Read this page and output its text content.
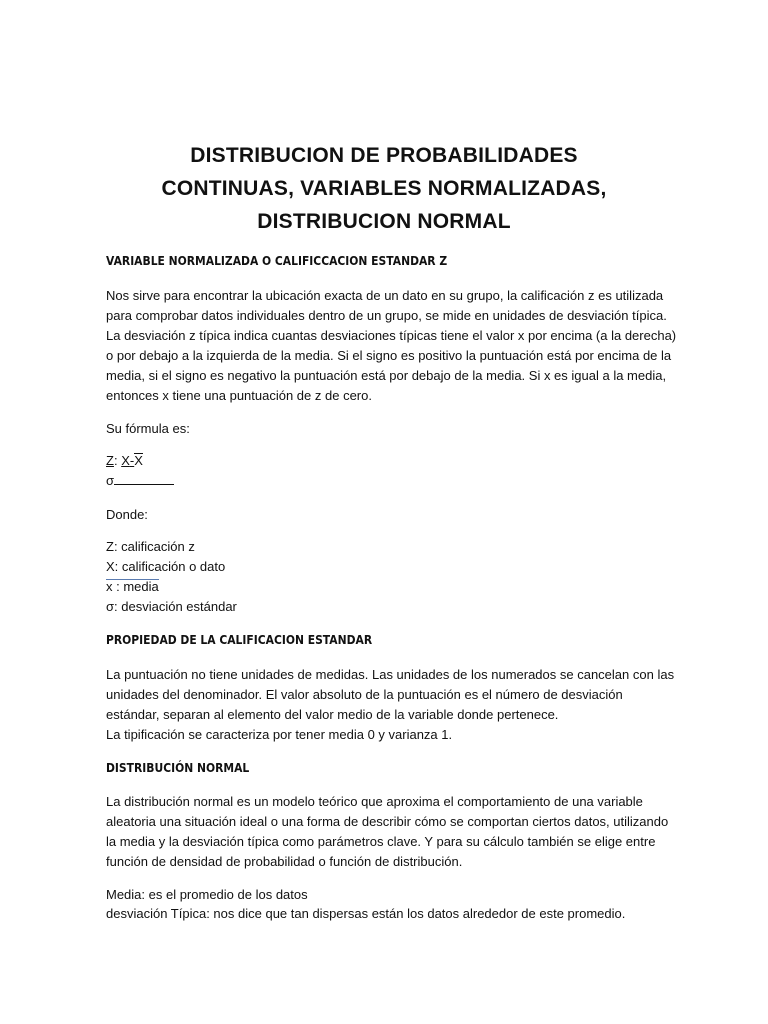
DISTRIBUCION DE PROBABILIDADES
CONTINUAS, VARIABLES NORMALIZADAS,
DISTRIBUCION NORMAL
VARIABLE NORMALIZADA O CALIFICCACION ESTANDAR Z
Nos sirve para encontrar la ubicación exacta de un dato en su grupo, la calificación z es utilizada
para comprobar datos individuales dentro de un grupo, se mide en unidades de desviación típica.
La desviación z típica indica cuantas desviaciones típicas tiene el valor x por encima (a la derecha)
o por debajo a la izquierda de la media. Si el signo es positivo la puntuación está por encima de la
media, si el signo es negativo la puntuación está por debajo de la media. Si x es igual a la media,
entonces x tiene una puntuación de z de cero.
Su fórmula es:
Z: X-X
σ
Donde:
Z: calificación z
X: calificación o dato
x : media
σ: desviación estándar
PROPIEDAD DE LA CALIFICACION ESTANDAR
La puntuación no tiene unidades de medidas. Las unidades de los numerados se cancelan con las
unidades del denominador. El valor absoluto de la puntuación es el número de desviación
estándar, separan al elemento del valor medio de la variable donde pertenece.
La tipificación se caracteriza por tener media 0 y varianza 1.
DISTRIBUCIÓN NORMAL
La distribución normal es un modelo teórico que aproxima el comportamiento de una variable
aleatoria una situación ideal o una forma de describir cómo se comportan ciertos datos, utilizando
la media y la desviación típica como parámetros clave. Y para su cálculo también se elige entre
función de densidad de probabilidad o función de distribución.
Media: es el promedio de los datos
desviación Típica: nos dice que tan dispersas están los datos alrededor de este promedio.
